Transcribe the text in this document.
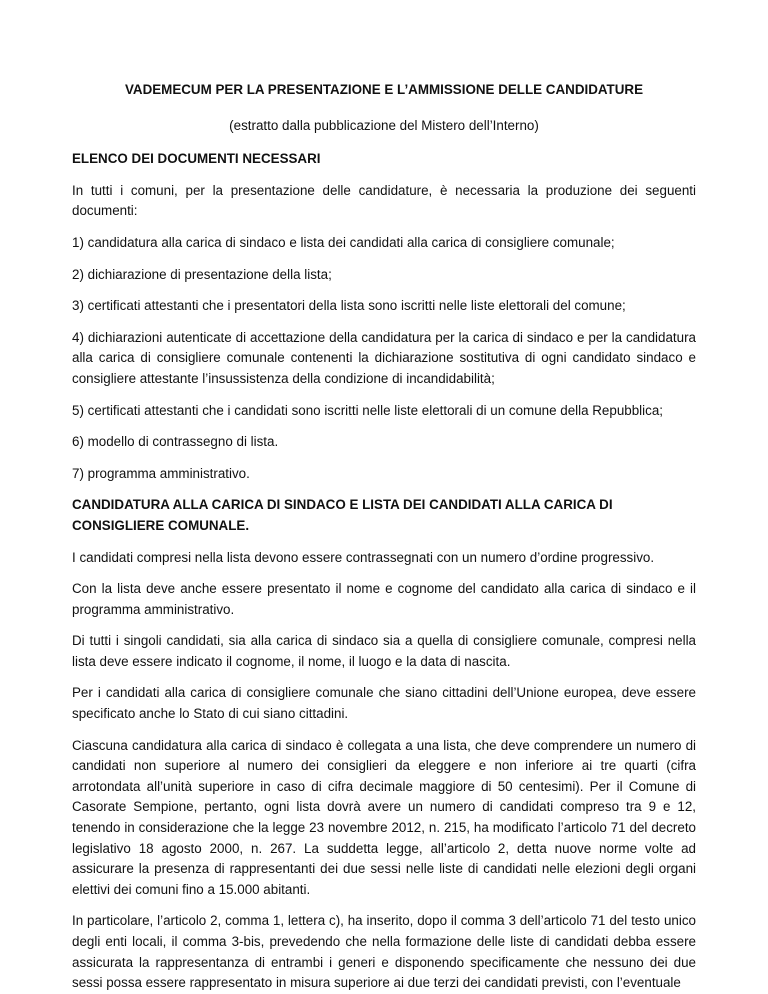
VADEMECUM PER LA PRESENTAZIONE E L’AMMISSIONE DELLE CANDIDATURE
(estratto dalla pubblicazione del Mistero dell’Interno)
ELENCO DEI DOCUMENTI NECESSARI

In tutti i comuni, per la presentazione delle candidature, è necessaria la produzione dei seguenti documenti:

1) candidatura alla carica di sindaco e lista dei candidati alla carica di consigliere comunale;

2) dichiarazione di presentazione della lista;

3) certificati attestanti che i presentatori della lista sono iscritti nelle liste elettorali del comune;

4) dichiarazioni autenticate di accettazione della candidatura per la carica di sindaco e per la candidatura alla carica di consigliere comunale contenenti la dichiarazione sostitutiva di ogni candidato sindaco e consigliere attestante l’insussistenza della condizione di incandidabilità;

5) certificati attestanti che i candidati sono iscritti nelle liste elettorali di un comune della Repubblica;

6) modello di contrassegno di lista.

7) programma amministrativo.

CANDIDATURA ALLA CARICA DI SINDACO E LISTA DEI CANDIDATI ALLA CARICA DI CONSIGLIERE COMUNALE.

I candidati compresi nella lista devono essere contrassegnati con un numero d’ordine progressivo.

Con la lista deve anche essere presentato il nome e cognome del candidato alla carica di sindaco e il programma amministrativo.

Di tutti i singoli candidati, sia alla carica di sindaco sia a quella di consigliere comunale, compresi nella lista deve essere indicato il cognome, il nome, il luogo e la data di nascita.

Per i candidati alla carica di consigliere comunale che siano cittadini dell’Unione europea, deve essere specificato anche lo Stato di cui siano cittadini.

Ciascuna candidatura alla carica di sindaco è collegata a una lista, che deve comprendere un numero di candidati non superiore al numero dei consiglieri da eleggere e non inferiore ai tre quarti (cifra arrotondata all’unità superiore in caso di cifra decimale maggiore di 50 centesimi). Per il Comune di Casorate Sempione, pertanto, ogni lista dovrà avere un numero di candidati compreso tra 9 e 12, tenendo in considerazione che la legge 23 novembre 2012, n. 215, ha modificato l’articolo 71 del decreto legislativo 18 agosto 2000, n. 267. La suddetta legge, all’articolo 2, detta nuove norme volte ad assicurare la presenza di rappresentanti dei due sessi nelle liste di candidati nelle elezioni degli organi elettivi dei comuni fino a 15.000 abitanti.

In particolare, l’articolo 2, comma 1, lettera c), ha inserito, dopo il comma 3 dell’articolo 71 del testo unico degli enti locali, il comma 3-bis, prevedendo che nella formazione delle liste di candidati debba essere assicurata la rappresentanza di entrambi i generi e disponendo specificamente che nessuno dei due sessi possa essere rappresentato in misura superiore ai due terzi dei candidati previsti, con l’eventuale
